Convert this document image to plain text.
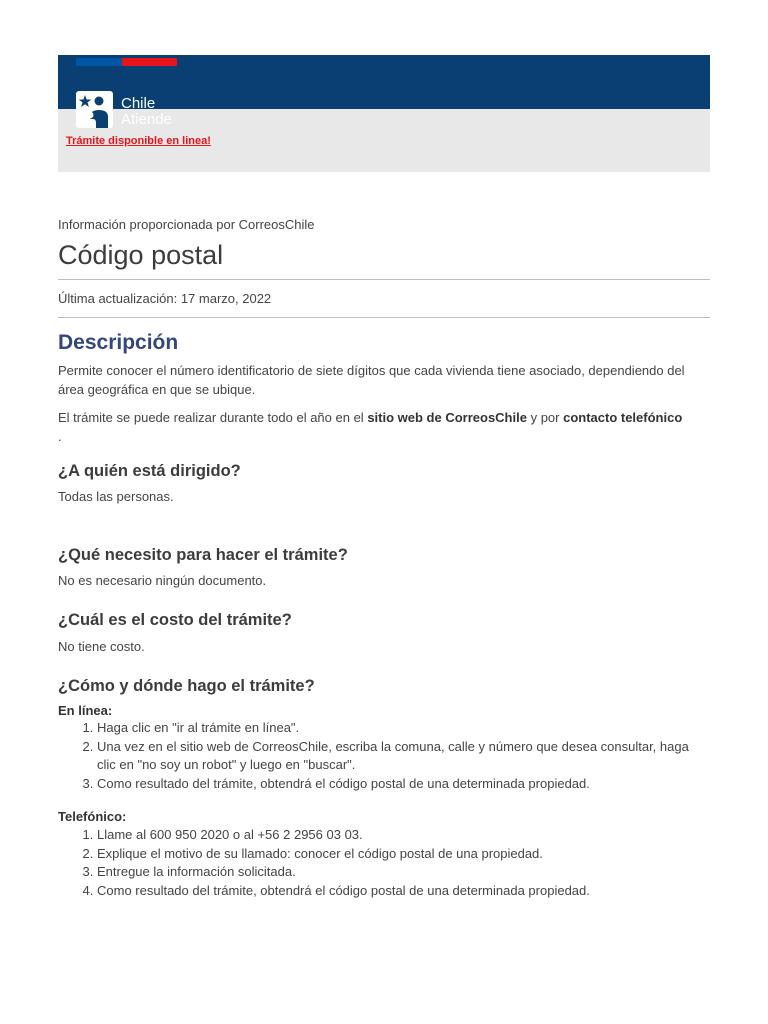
Chile
Atiende
Trámite disponible en linea!
Información proporcionada por CorreosChile
Código postal
Última actualización: 17 marzo, 2022
Descripción

Permite conocer el número identificatorio de siete dígitos que cada vivienda tiene asociado, dependiendo del área geográfica en que se ubique.

El trámite se puede realizar durante todo el año en el sitio web de CorreosChile y por contacto telefónico
.

¿A quién está dirigido?

Todas las personas.

¿Qué necesito para hacer el trámite?

No es necesario ningún documento.

¿Cuál es el costo del trámite?

No tiene costo.

¿Cómo y dónde hago el trámite?
En línea:
1. Haga clic en "ir al trámite en línea".
2. Una vez en el sitio web de CorreosChile, escriba la comuna, calle y número que desea consultar, haga clic en "no soy un robot" y luego en "buscar".
3. Como resultado del trámite, obtendrá el código postal de una determinada propiedad.
Telefónico:
1. Llame al 600 950 2020 o al +56 2 2956 03 03.
2. Explique el motivo de su llamado: conocer el código postal de una propiedad.
3. Entregue la información solicitada.
4. Como resultado del trámite, obtendrá el código postal de una determinada propiedad.
